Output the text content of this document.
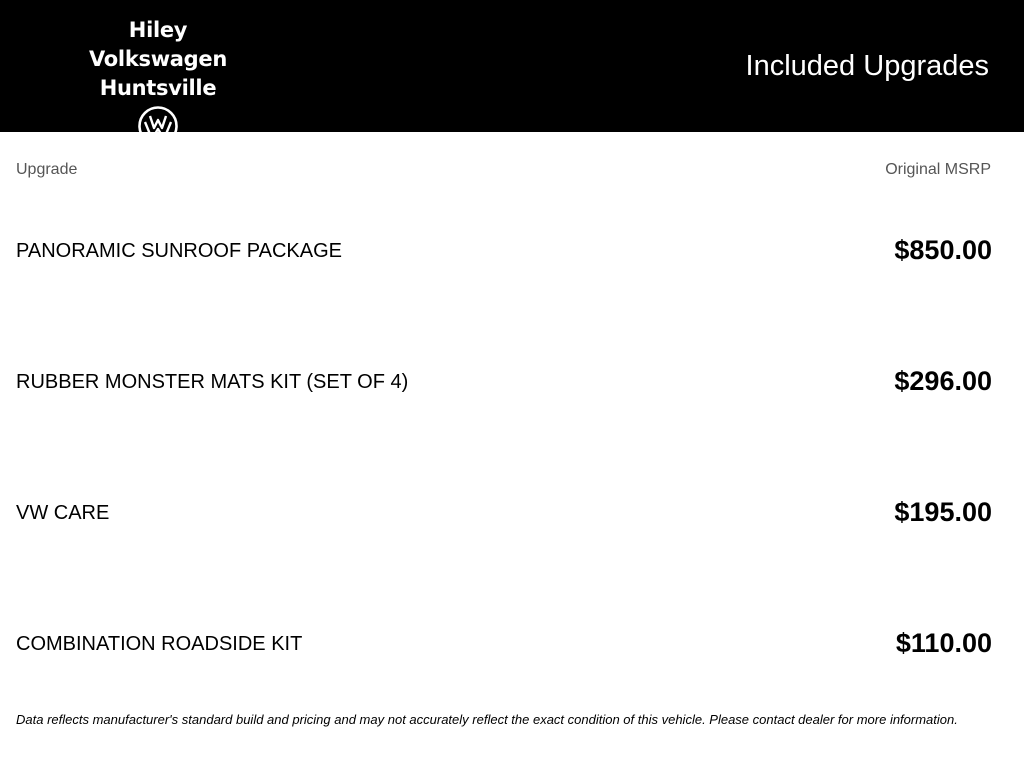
Hiley Volkswagen
Huntsville
Included Upgrades
Upgrade	Original MSRP
PANORAMIC SUNROOF PACKAGE	$850.00
RUBBER MONSTER MATS KIT (SET OF 4)	$296.00
VW CARE	$195.00
COMBINATION ROADSIDE KIT	$110.00
Data reflects manufacturer's standard build and pricing and may not accurately reflect the exact condition of this vehicle. Please contact dealer for more information.
